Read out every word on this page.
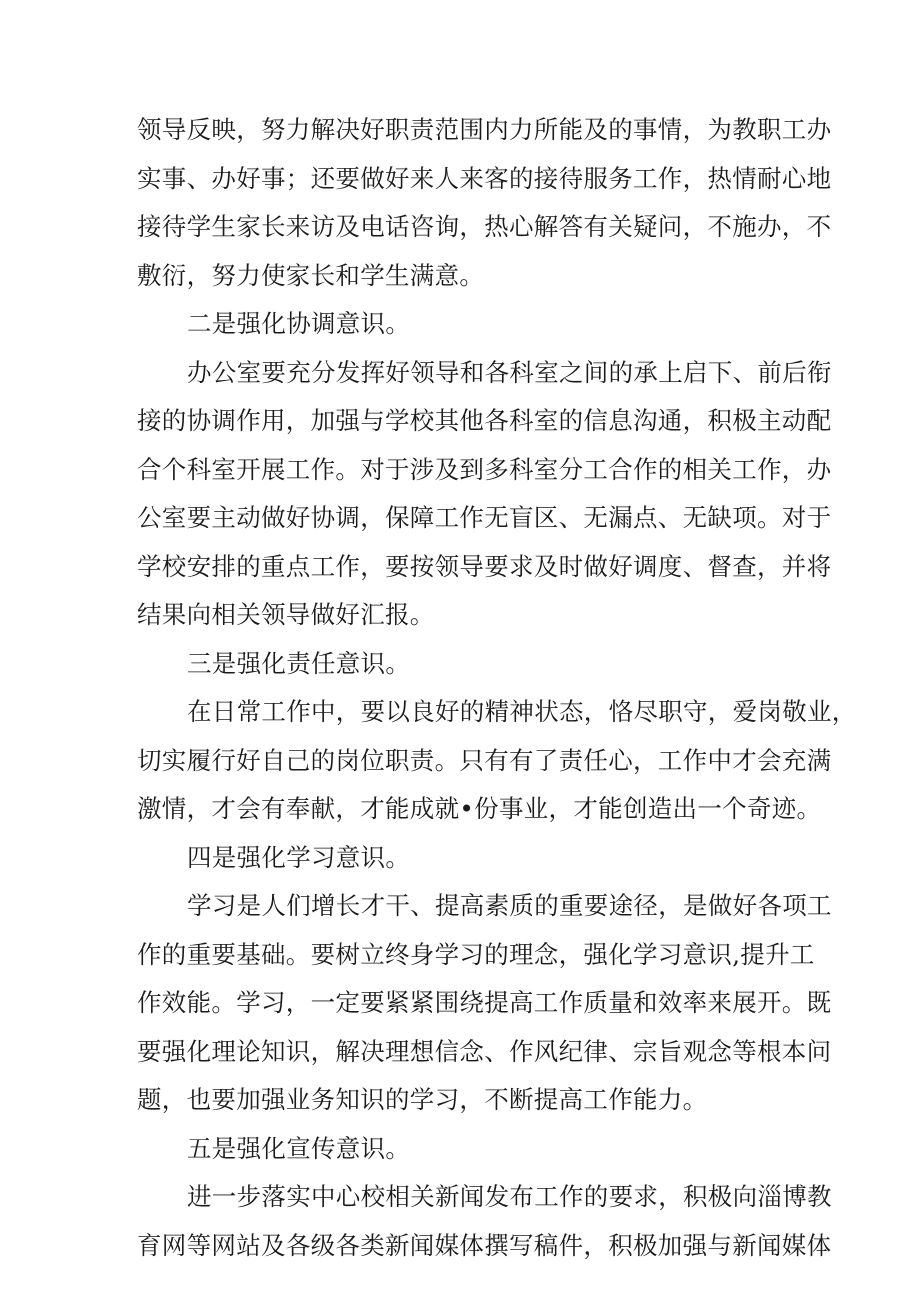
领导反映，努力解决好职责范围内力所能及的事情，为教职工办
实事、办好事；还要做好来人来客的接待服务工作，热情耐心地
接待学生家长来访及电话咨询，热心解答有关疑问，不施办，不
敷衍，努力使家长和学生满意。
二是强化协调意识。
办公室要充分发挥好领导和各科室之间的承上启下、前后衔
接的协调作用，加强与学校其他各科室的信息沟通，积极主动配
合个科室开展工作。对于涉及到多科室分工合作的相关工作，办
公室要主动做好协调，保障工作无盲区、无漏点、无缺项。对于
学校安排的重点工作，要按领导要求及时做好调度、督查，并将
结果向相关领导做好汇报。
三是强化责任意识。
在日常工作中，要以良好的精神状态，恪尽职守，爱岗敬业，
切实履行好自己的岗位职责。只有有了责任心，工作中才会充满
激情，才会有奉献，才能成就•份事业，才能创造出一个奇迹。
四是强化学习意识。
学习是人们增长才干、提高素质的重要途径，是做好各项工
作的重要基础。要树立终身学习的理念，强化学习意识,提升工
作效能。学习，一定要紧紧围绕提高工作质量和效率来展开。既
要强化理论知识，解决理想信念、作风纪律、宗旨观念等根本问
题，也要加强业务知识的学习，不断提高工作能力。
五是强化宣传意识。
进一步落实中心校相关新闻发布工作的要求，积极向淄博教
育网等网站及各级各类新闻媒体撰写稿件，积极加强与新闻媒体
